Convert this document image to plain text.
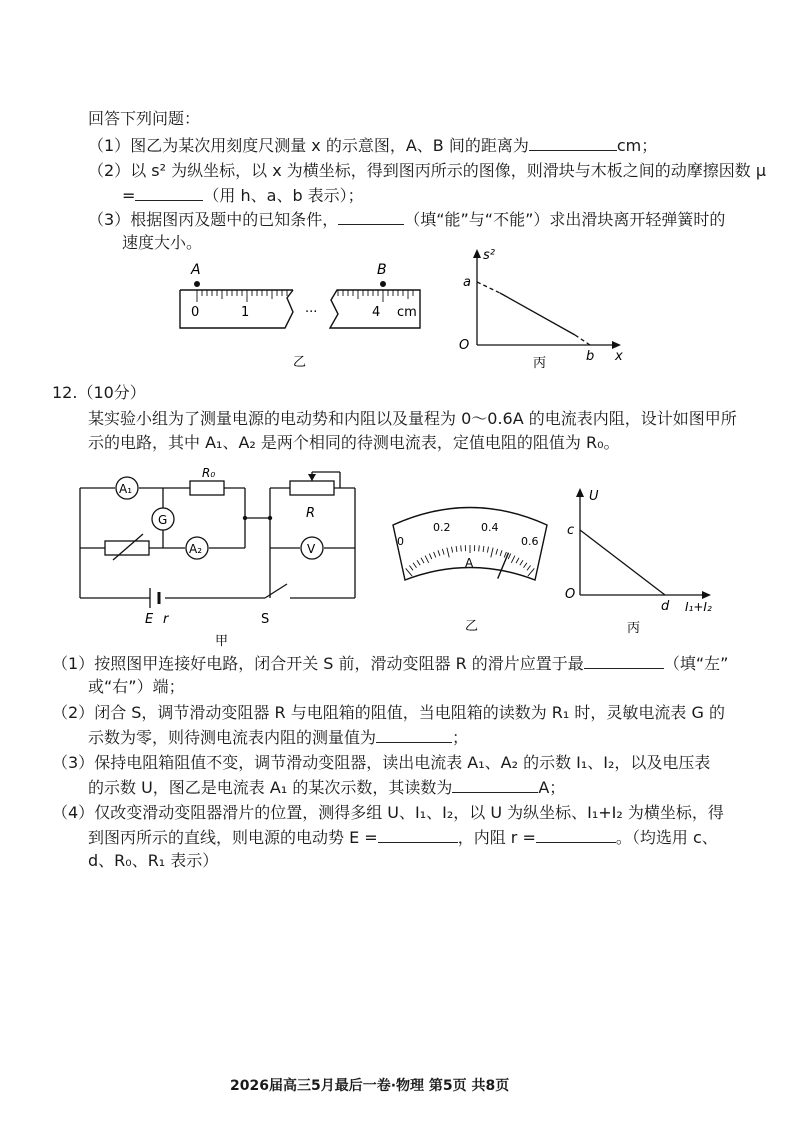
回答下列问题：
（1）图乙为某次用刻度尺测量 x 的示意图，A、B 间的距离为	cm；
（2）以 s² 为纵坐标，以 x 为横坐标，得到图丙所示的图像，则滑块与木板之间的动摩擦因数 μ
=	（用 h、a、b 表示）；
（3）根据图丙及题中的已知条件，	（填“能”与“不能”）求出滑块离开轻弹簧时的
速度大小。
A	B
0	1	···	4 cm
乙
s²
a
O
b x
丙
12.（10分）
某实验小组为了测量电源的电动势和内阻以及量程为 0～0.6A 的电流表内阻，设计如图甲所
示的电路，其中 A₁、A₂ 是两个相同的待测电流表，定值电阻的阻值为 R₀。
A₁
R₀
G
A₂
R
V
E r	S
甲
0
0.2	0.4
0.6
A
乙
U
c
O
d I₁+I₂
丙
（1）按照图甲连接好电路，闭合开关 S 前，滑动变阻器 R 的滑片应置于最	（填“左”
或“右”）端；
（2）闭合 S，调节滑动变阻器 R 与电阻箱的阻值，当电阻箱的读数为 R₁ 时，灵敏电流表 G 的
示数为零，则待测电流表内阻的测量值为	；
（3）保持电阻箱阻值不变，调节滑动变阻器，读出电流表 A₁、A₂ 的示数 I₁、I₂，以及电压表
的示数 U，图乙是电流表 A₁ 的某次示数，其读数为	A；
（4）仅改变滑动变阻器滑片的位置，测得多组 U、I₁、I₂，以 U 为纵坐标、I₁+I₂ 为横坐标，得
到图丙所示的直线，则电源的电动势 E =	，内阻 r =	。（均选用 c、
d、R₀、R₁ 表示）
2026届高三5月最后一卷·物理 第5页 共8页
